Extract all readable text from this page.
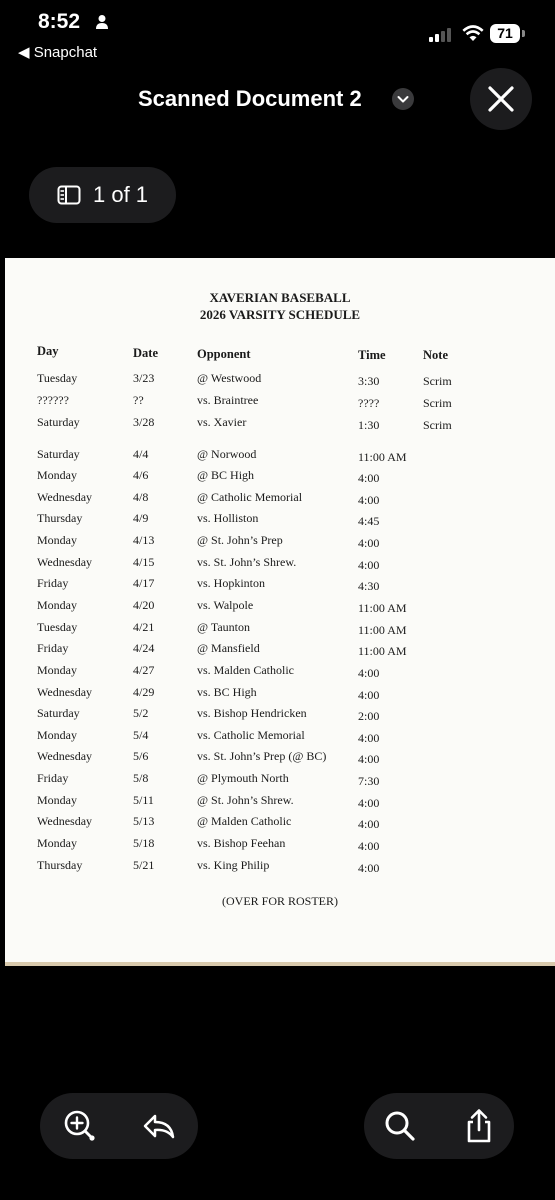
8:52
◀ Snapchat
71
Scanned Document 2
1 of 1
XAVERIAN BASEBALL
2026 VARSITY SCHEDULE
Day	Date	Opponent	Time	Note
Tuesday	3/23	@ Westwood	3:30	Scrim
??????	??	vs. Braintree	????	Scrim
Saturday	3/28	vs. Xavier	1:30	Scrim
Saturday	4/4	@ Norwood	11:00 AM
Monday	4/6	@ BC High	4:00
Wednesday	4/8	@ Catholic Memorial	4:00
Thursday	4/9	vs. Holliston	4:45
Monday	4/13	@ St. John’s Prep	4:00
Wednesday	4/15	vs. St. John’s Shrew.	4:00
Friday	4/17	vs. Hopkinton	4:30
Monday	4/20	vs. Walpole	11:00 AM
Tuesday	4/21	@ Taunton	11:00 AM
Friday	4/24	@ Mansfield	11:00 AM
Monday	4/27	vs. Malden Catholic	4:00
Wednesday	4/29	vs. BC High	4:00
Saturday	5/2	vs. Bishop Hendricken	2:00
Monday	5/4	vs. Catholic Memorial	4:00
Wednesday	5/6	vs. St. John’s Prep (@ BC)	4:00
Friday	5/8	@ Plymouth North	7:30
Monday	5/11	@ St. John’s Shrew.	4:00
Wednesday	5/13	@ Malden Catholic	4:00
Monday	5/18	vs. Bishop Feehan	4:00
Thursday	5/21	vs. King Philip	4:00
(OVER FOR ROSTER)
